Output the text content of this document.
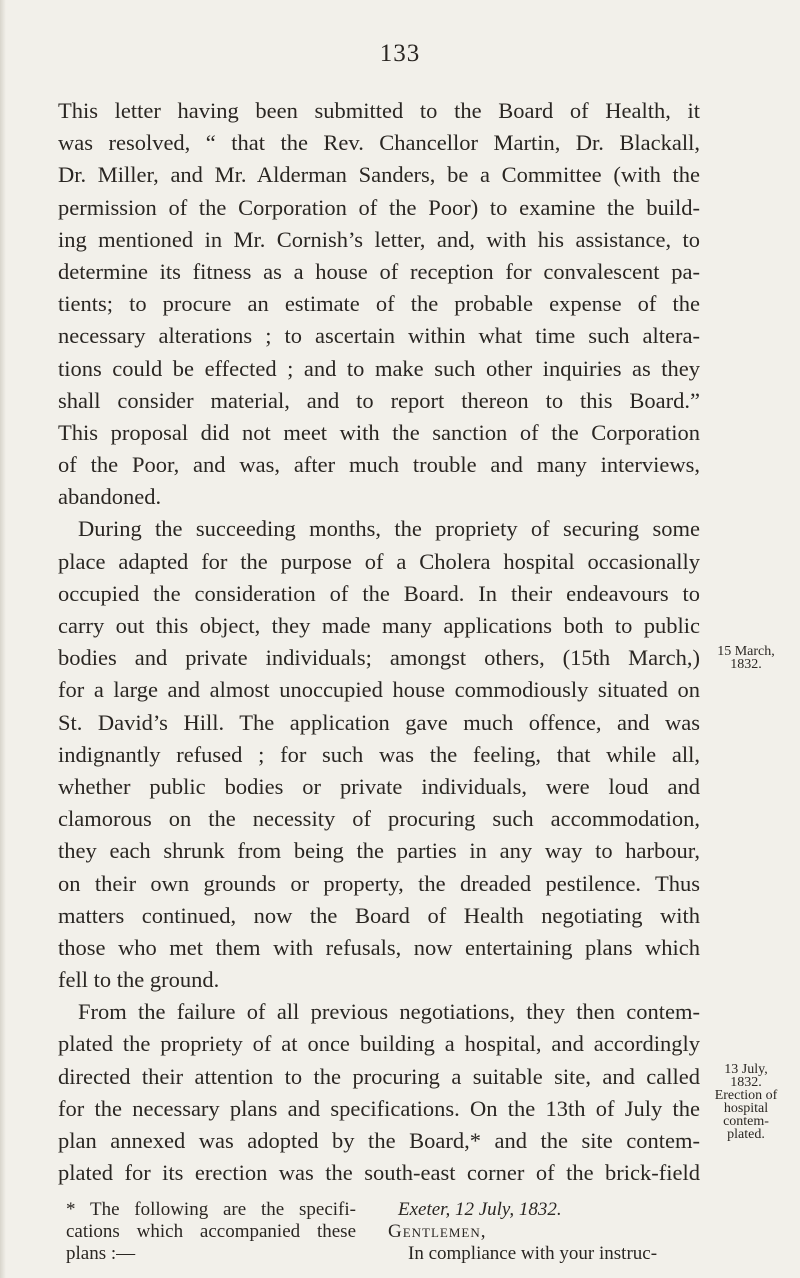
133
This letter having been submitted to the Board of Health, it
was resolved, “ that the Rev. Chancellor Martin, Dr. Blackall,
Dr. Miller, and Mr. Alderman Sanders, be a Committee (with the
permission of the Corporation of the Poor) to examine the build-
ing mentioned in Mr. Cornish’s letter, and, with his assistance, to
determine its fitness as a house of reception for convalescent pa-
tients; to procure an estimate of the probable expense of the
necessary alterations ; to ascertain within what time such altera-
tions could be effected ; and to make such other inquiries as they
shall consider material, and to report thereon to this Board.”
This proposal did not meet with the sanction of the Corporation
of the Poor, and was, after much trouble and many interviews,
abandoned.
During the succeeding months, the propriety of securing some
place adapted for the purpose of a Cholera hospital occasionally
occupied the consideration of the Board. In their endeavours to
carry out this object, they made many applications both to public
bodies and private individuals; amongst others, (15th March,)
for a large and almost unoccupied house commodiously situated on
St. David’s Hill. The application gave much offence, and was
indignantly refused ; for such was the feeling, that while all,
whether public bodies or private individuals, were loud and
clamorous on the necessity of procuring such accommodation,
they each shrunk from being the parties in any way to harbour,
on their own grounds or property, the dreaded pestilence. Thus
matters continued, now the Board of Health negotiating with
those who met them with refusals, now entertaining plans which
fell to the ground.
From the failure of all previous negotiations, they then contem-
plated the propriety of at once building a hospital, and accordingly
directed their attention to the procuring a suitable site, and called
for the necessary plans and specifications. On the 13th of July the
plan annexed was adopted by the Board,* and the site contem-
plated for its erection was the south-east corner of the brick-field
15 March,
1832.
13 July,
1832.
Erection of
hospital
contem-
plated.
* The following are the specifi-
cations which accompanied these
plans :—
Exeter, 12 July, 1832.
Gentlemen,
In compliance with your instruc-
